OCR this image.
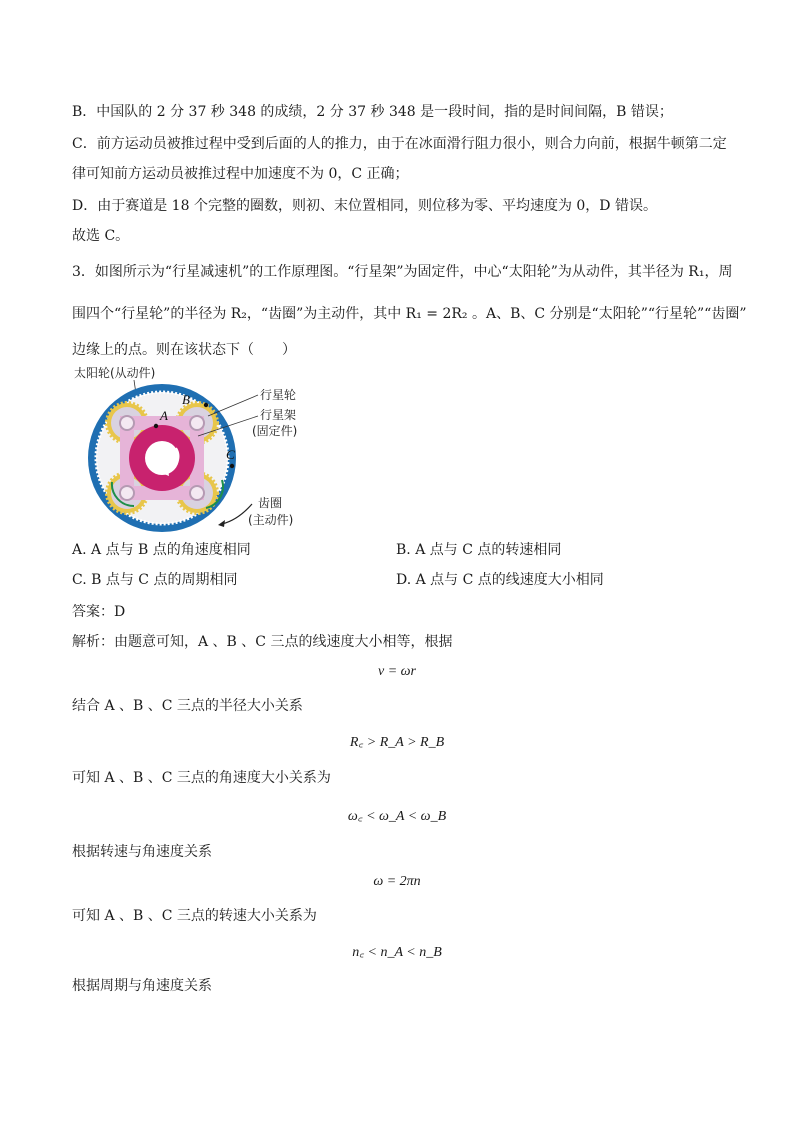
B．中国队的 2 分 37 秒 348 的成绩，2 分 37 秒 348 是一段时间，指的是时间间隔，B 错误；
C．前方运动员被推过程中受到后面的人的推力，由于在冰面滑行阻力很小，则合力向前，根据牛顿第二定
律可知前方运动员被推过程中加速度不为 0，C 正确；
D．由于赛道是 18 个完整的圈数，则初、末位置相同，则位移为零、平均速度为 0，D 错误。
故选 C。
3．如图所示为“行星减速机”的工作原理图。“行星架”为固定件，中心“太阳轮”为从动件，其半径为 R₁，周
围四个“行星轮”的半径为 R₂，“齿圈”为主动件，其中 R₁ = 2R₂ 。A、B、C 分别是“太阳轮”“行星轮”“齿圈”
边缘上的点。则在该状态下（　　）
太阳轮(从动件)
A
B
C
行星轮
行星架
(固定件)
齿圈
(主动件)
A. A 点与 B 点的角速度相同	B. A 点与 C 点的转速相同
C. B 点与 C 点的周期相同	D. A 点与 C 点的线速度大小相同
答案：D
解析：由题意可知，A 、B 、C 三点的线速度大小相等，根据
v = ωr
结合 A 、B 、C 三点的半径大小关系
R꜀ > R_A > R_B
可知 A 、B 、C 三点的角速度大小关系为
ω꜀ < ω_A < ω_B
根据转速与角速度关系
ω = 2πn
可知 A 、B 、C 三点的转速大小关系为
n꜀ < n_A < n_B
根据周期与角速度关系
